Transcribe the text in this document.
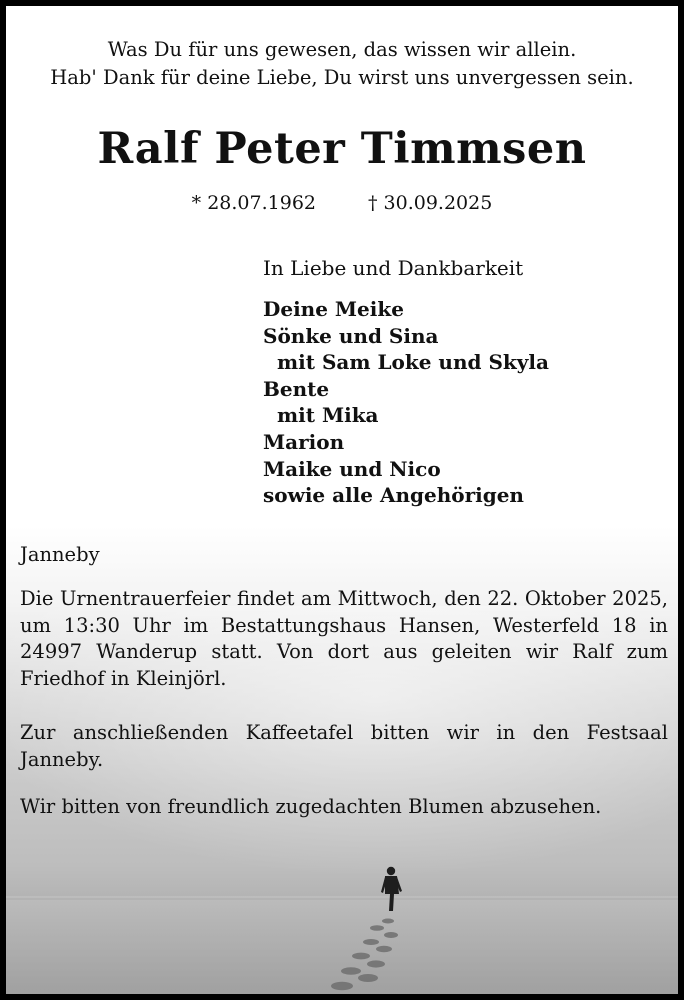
Was Du für uns gewesen, das wissen wir allein.
Hab' Dank für deine Liebe, Du wirst uns unvergessen sein.
Ralf Peter Timmsen
* 28.07.1962	† 30.09.2025
In Liebe und Dankbarkeit
Deine Meike
Sönke und Sina
mit Sam Loke und Skyla
Bente
mit Mika
Marion
Maike und Nico
sowie alle Angehörigen
Janneby
Die Urnentrauerfeier findet am Mittwoch, den 22. Oktober 2025, um 13:30 Uhr im Bestattungshaus Hansen, Westerfeld 18 in 24997 Wanderup statt. Von dort aus geleiten wir Ralf zum Friedhof in Kleinjörl.
Zur anschließenden Kaffeetafel bitten wir in den Festsaal Janneby.
Wir bitten von freundlich zugedachten Blumen abzusehen.
